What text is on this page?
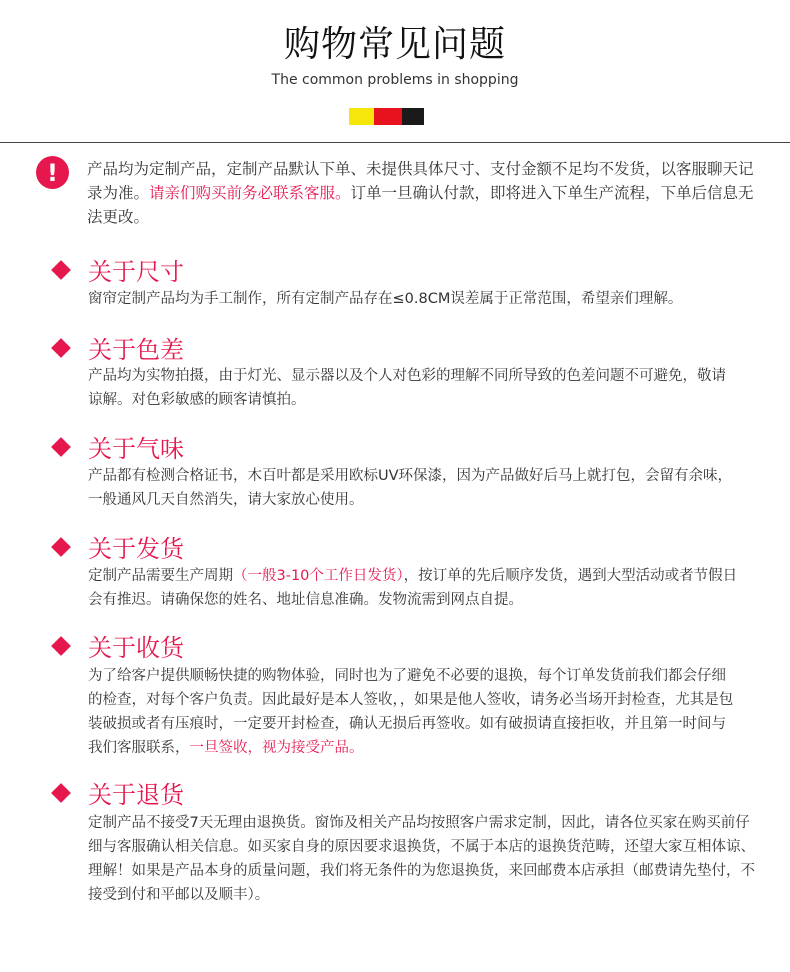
购物常见问题
The common problems in shopping
!	产品均为定制产品，定制产品默认下单、未提供具体尺寸、支付金额不足均不发货，以客服聊天记录为准。请亲们购买前务必联系客服。订单一旦确认付款，即将进入下单生产流程，下单后信息无法更改。
关于尺寸
窗帘定制产品均为手工制作，所有定制产品存在≤0.8CM误差属于正常范围，希望亲们理解。
关于色差
产品均为实物拍摄，由于灯光、显示器以及个人对色彩的理解不同所导致的色差问题不可避免，敬请谅解。对色彩敏感的顾客请慎拍。
关于气味
产品都有检测合格证书，木百叶都是采用欧标UV环保漆，因为产品做好后马上就打包，会留有余味，一般通风几天自然消失，请大家放心使用。
关于发货
定制产品需要生产周期（一般3-10个工作日发货），按订单的先后顺序发货，遇到大型活动或者节假日会有推迟。请确保您的姓名、地址信息准确。发物流需到网点自提。
关于收货
为了给客户提供顺畅快捷的购物体验，同时也为了避免不必要的退换，每个订单发货前我们都会仔细的检查，对每个客户负责。因此最好是本人签收，，如果是他人签收，请务必当场开封检查，尤其是包装破损或者有压痕时，一定要开封检查，确认无损后再签收。如有破损请直接拒收，并且第一时间与我们客服联系，一旦签收，视为接受产品。
关于退货
定制产品不接受7天无理由退换货。窗饰及相关产品均按照客户需求定制，因此，请各位买家在购买前仔细与客服确认相关信息。如买家自身的原因要求退换货，不属于本店的退换货范畴，还望大家互相体谅、理解！如果是产品本身的质量问题，我们将无条件的为您退换货，来回邮费本店承担（邮费请先垫付，不接受到付和平邮以及顺丰）。
